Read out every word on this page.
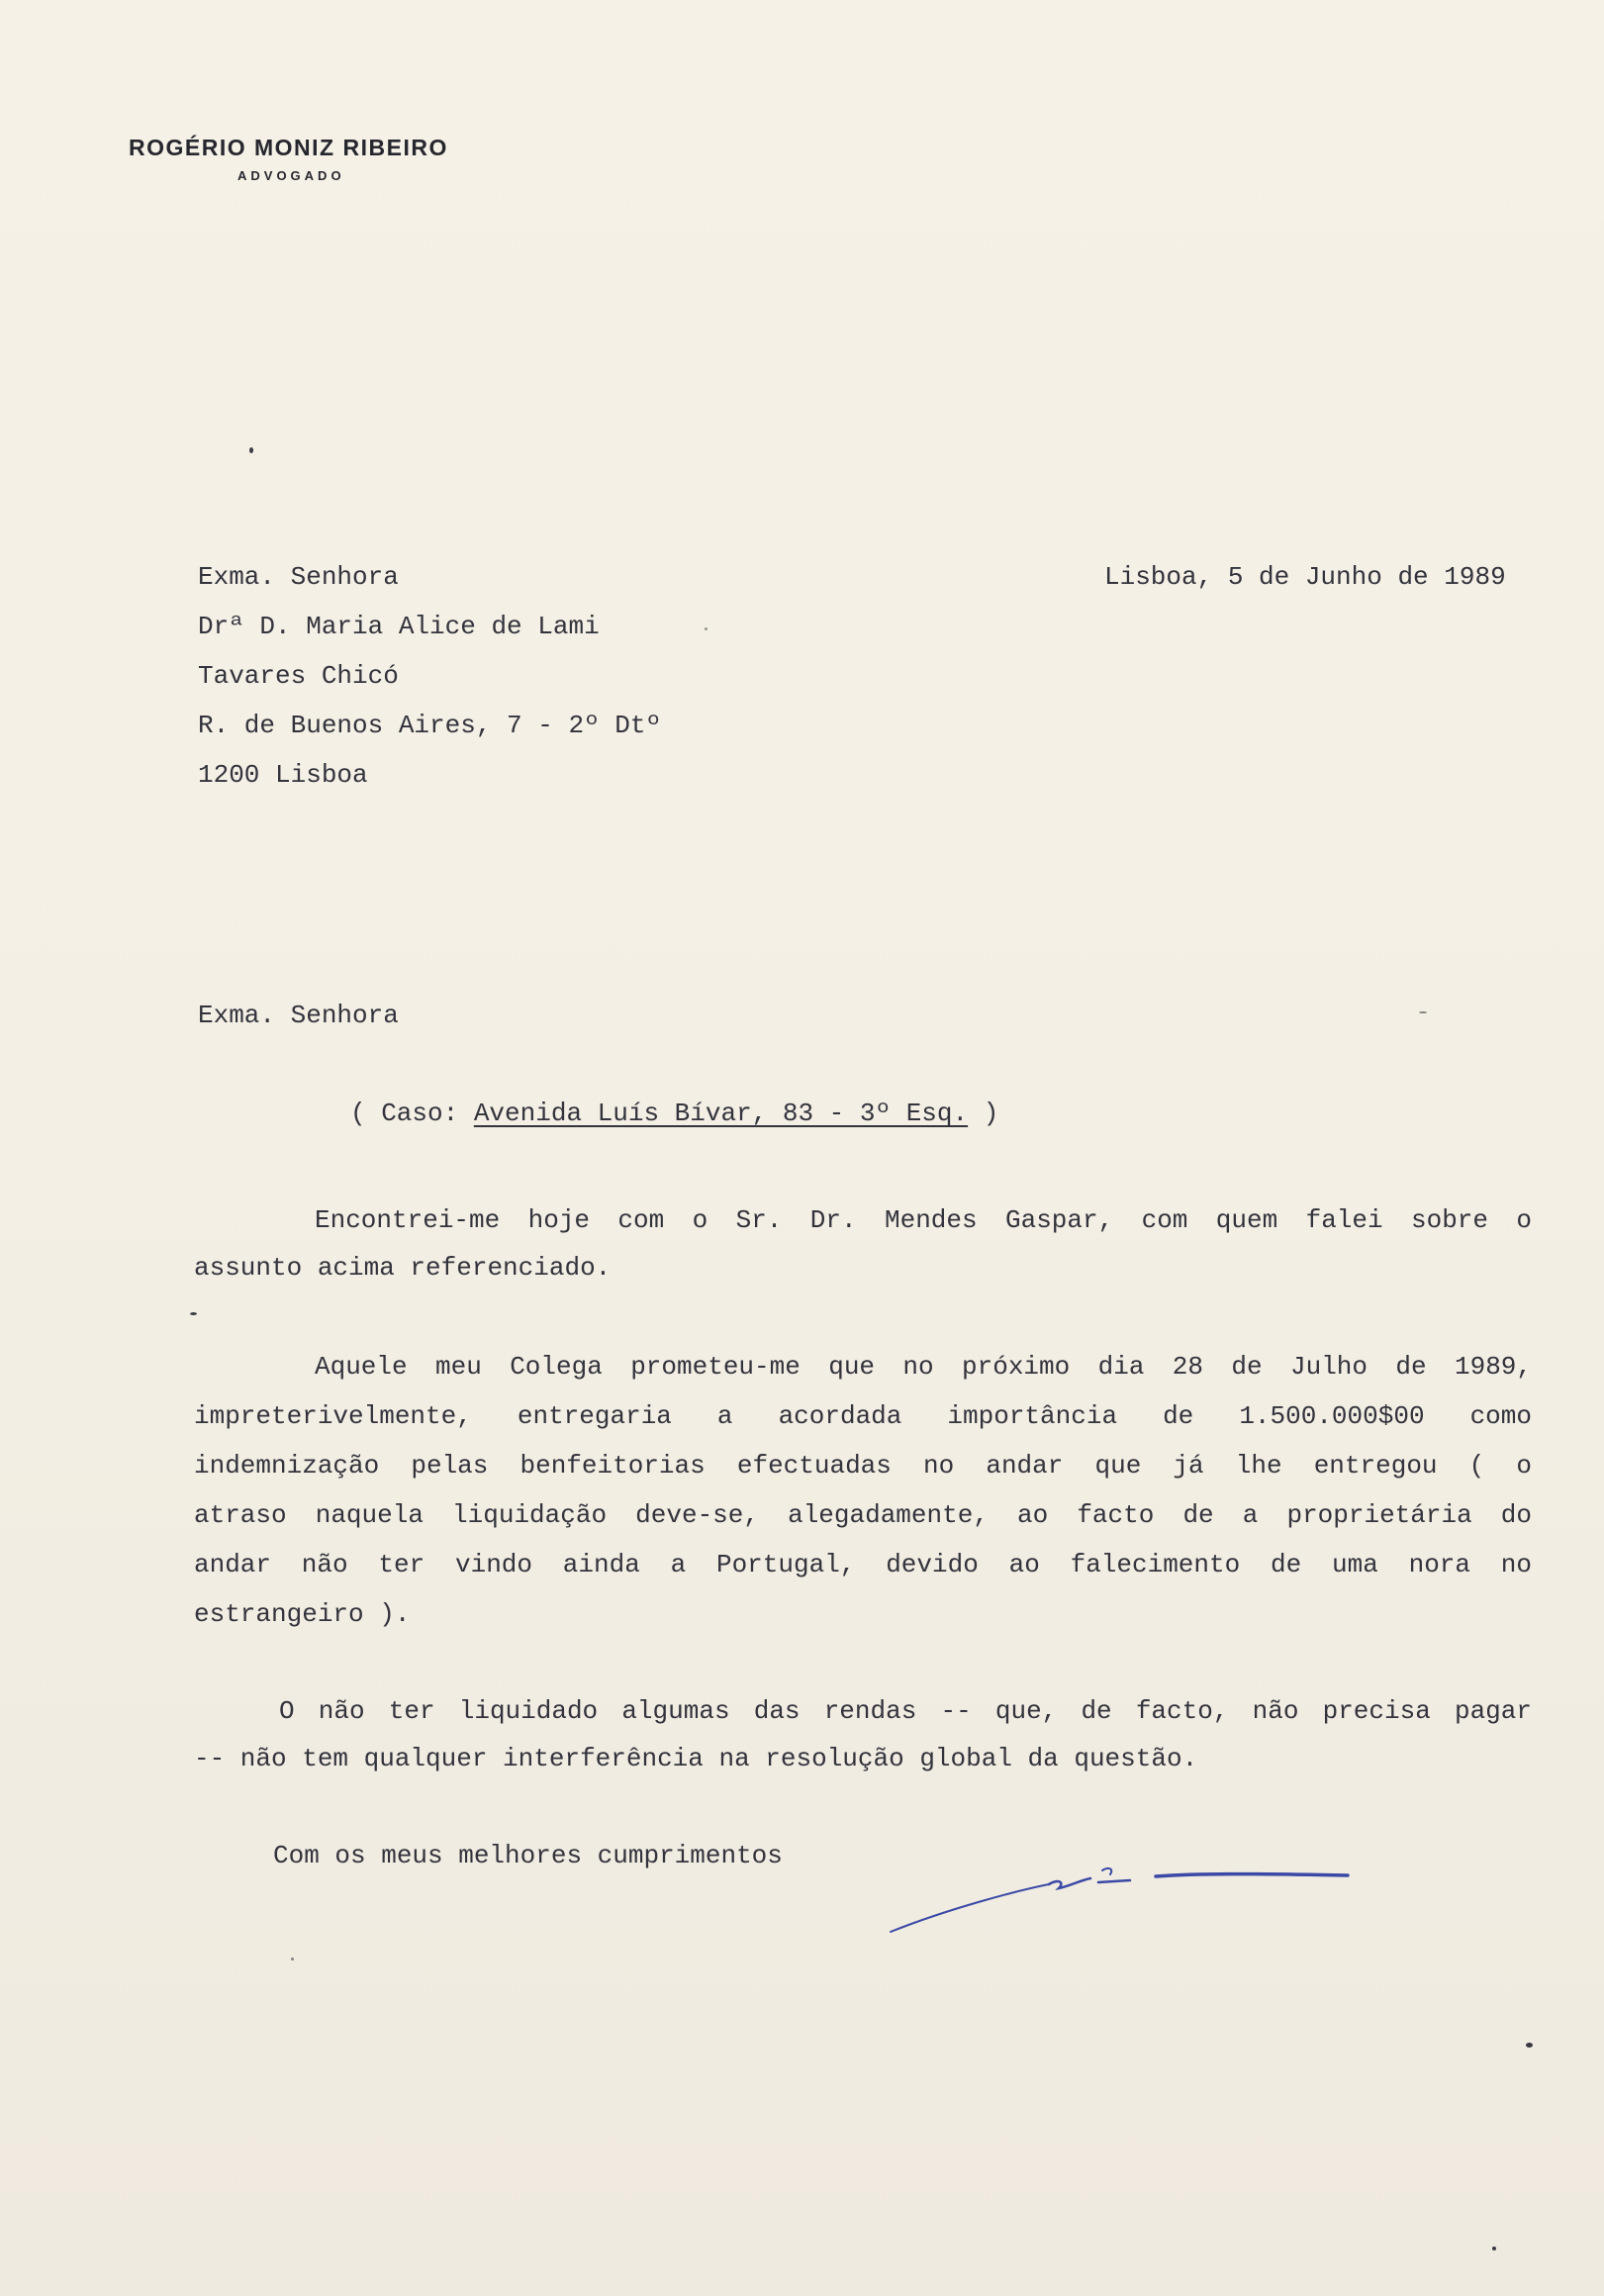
ROGÉRIO MONIZ RIBEIRO
ADVOGADO
Exma. Senhora
Drª D. Maria Alice de Lami
Tavares Chicó
R. de Buenos Aires, 7 - 2º Dtº
1200 Lisboa
Lisboa, 5 de Junho de 1989
Exma. Senhora
( Caso: Avenida Luís Bívar, 83 - 3º Esq. )
Encontrei-me hoje com o Sr. Dr. Mendes Gaspar, com quem falei sobre o
assunto acima referenciado.
Aquele meu Colega prometeu-me que no próximo dia 28 de Julho de 1989,
impreterivelmente, entregaria a acordada importância de 1.500.000$00 como
indemnização pelas benfeitorias efectuadas no andar que já lhe entregou ( o
atraso naquela liquidação deve-se, alegadamente, ao facto de a proprietária do
andar não ter vindo ainda a Portugal, devido ao falecimento de uma nora no
estrangeiro ).
O não ter liquidado algumas das rendas -- que, de facto, não precisa pagar
-- não tem qualquer interferência na resolução global da questão.
Com os meus melhores cumprimentos
